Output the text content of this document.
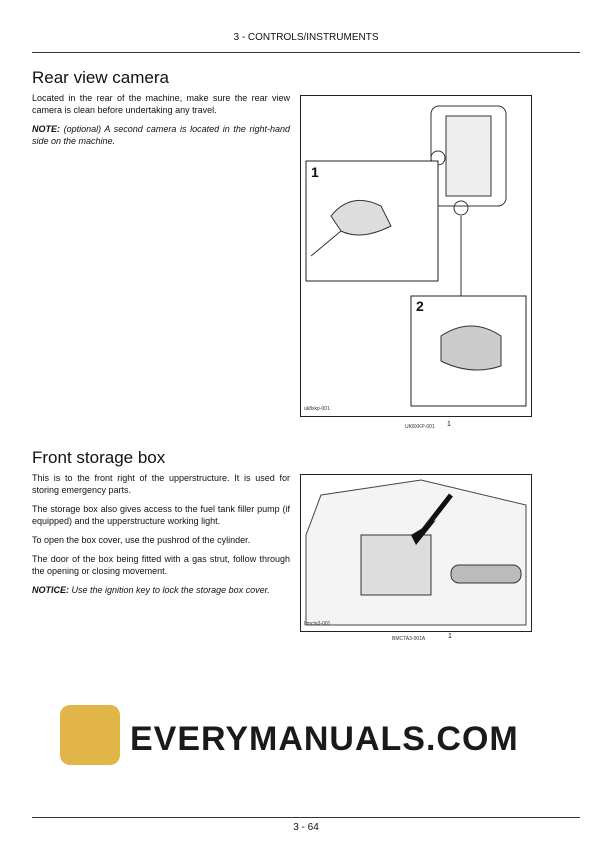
3 - CONTROLS/INSTRUMENTS
Rear view camera

Located in the rear of the machine, make sure the rear view camera is clean before undertaking any travel.

NOTE: (optional) A second camera is located in the right-hand side on the machine.

1
2
uk8xkp-001
UK8XKP-001 1
Front storage box

This is to the front right of the upperstructure. It is used for storing emergency parts.

The storage box also gives access to the fuel tank filler pump (if equipped) and the upperstructure working light.

To open the box cover, use the pushrod of the cylinder.

The door of the box being fitted with a gas strut, follow through the opening or closing movement.

NOTICE: Use the ignition key to lock the storage box cover.

8mcta3-001
BMCTA3-001A	1
EVERYMANUALS.COM
3 - 64
